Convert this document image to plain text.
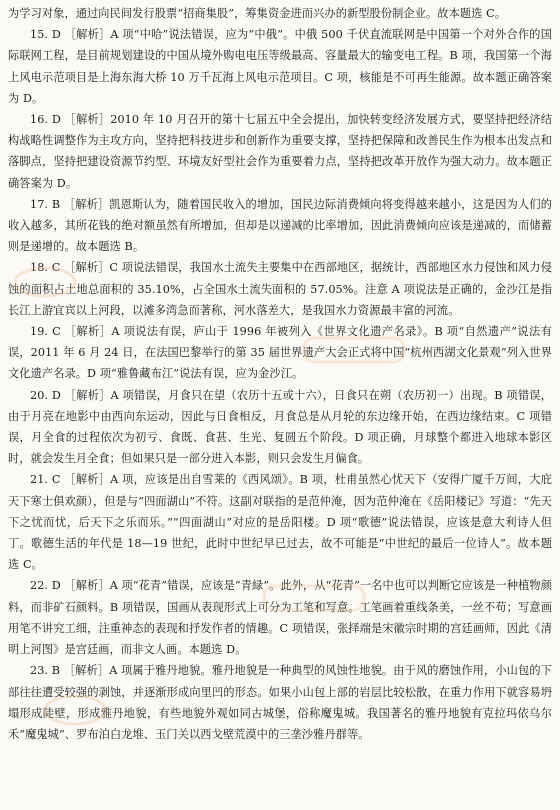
为学习对象，通过向民间发行股票“招商集股”，筹集资金进而兴办的新型股份制企业。故本题选 C。

15. D ［解析］A 项“中哈”说法错误，应为“中俄”。中俄 500 千伏直流联网是中国第一个对外合作的国际联网工程，是目前规划建设的中国从境外购电电压等级最高、容量最大的输变电工程。B 项，我国第一个海上风电示范项目是上海东海大桥 10 万千瓦海上风电示范项目。C 项，核能是不可再生能源。故本题正确答案为 D。

16. D ［解析］2010 年 10 月召开的第十七届五中全会提出，加快转变经济发展方式，要坚持把经济结构战略性调整作为主攻方向，坚持把科技进步和创新作为重要支撑，坚持把保障和改善民生作为根本出发点和落脚点，坚持把建设资源节约型、环境友好型社会作为重要着力点，坚持把改革开放作为强大动力。故本题正确答案为 D。

17. B ［解析］凯恩斯认为，随着国民收入的增加，国民边际消费倾向将变得越来越小，这是因为人们的收入越多，其所花钱的绝对额虽然有所增加，但却是以递减的比率增加，因此消费倾向应该是递减的，而储蓄则是递增的。故本题选 B。

18. C ［解析］C 项说法错误，我国水土流失主要集中在西部地区，据统计，西部地区水力侵蚀和风力侵蚀的面积占土地总面积的 35.10%，占全国水土流失面积的 57.05%。注意 A 项说法是正确的，金沙江是指长江上游宜宾以上河段，以滩多湾急而著称，河水落差大，是我国水力资源最丰富的河流。

19. C ［解析］A 项说法有误，庐山于 1996 年被列入《世界文化遗产名录》。B 项“自然遗产”说法有误，2011 年 6 月 24 日，在法国巴黎举行的第 35 届世界遗产大会正式将中国“杭州西湖文化景观”列入世界文化遗产名录。D 项“雅鲁藏布江”说法有误，应为金沙江。

20. D ［解析］A 项错误，月食只在望（农历十五或十六），日食只在朔（农历初一）出现。B 项错误，由于月亮在地影中由西向东运动，因此与日食相反，月食总是从月轮的东边缘开始，在西边缘结束。C 项错误，月全食的过程依次为初亏、食既、食甚、生光、复圆五个阶段。D 项正确，月球整个都进入地球本影区时，就会发生月全食；但如果只是一部分进入本影，则只会发生月偏食。

21. C ［解析］A 项，应该是出自雪莱的《西风颂》。B 项，杜甫虽然心忧天下（安得广厦千万间，大庇天下寒士俱欢颜），但是与“四面湖山”不符。这副对联指的是范仲淹，因为范仲淹在《岳阳楼记》写道：“先天下之忧而忧，后天下之乐而乐。”“四面湖山”对应的是岳阳楼。D 项“歌德”说法错误，应该是意大利诗人但丁。歌德生活的年代是 18—19 世纪，此时中世纪早已过去，故不可能是“中世纪的最后一位诗人”。故本题选 C。

22. D ［解析］A 项“花青”错误，应该是“青緑”。此外，从“花青”一名中也可以判断它应该是一种植物颜料，而非矿石颜料。B 项错误，国画从表现形式上可分为工笔和写意。工笔画着重线条美，一丝不苟；写意画用笔不讲究工细，注重神态的表现和抒发作者的情趣。C 项错误，张择端是宋徽宗时期的宫廷画师，因此《清明上河图》是宫廷画，而非文人画。本题选 D。

23. B ［解析］A 项属于雅丹地貌。雅丹地貌是一种典型的风蚀性地貌。由于风的磨蚀作用，小山包的下部往往遭受较强的剥蚀，并逐渐形成向里凹的形态。如果小山包上部的岩层比较松散，在重力作用下就容易坍塌形成陡壁，形成雅丹地貌，有些地貌外观如同古城堡，俗称魔鬼城。我国著名的雅丹地貌有克拉玛依乌尔禾“魔鬼城”、罗布泊白龙堆、玉门关以西戈壁荒漠中的三垄沙雅丹群等。
